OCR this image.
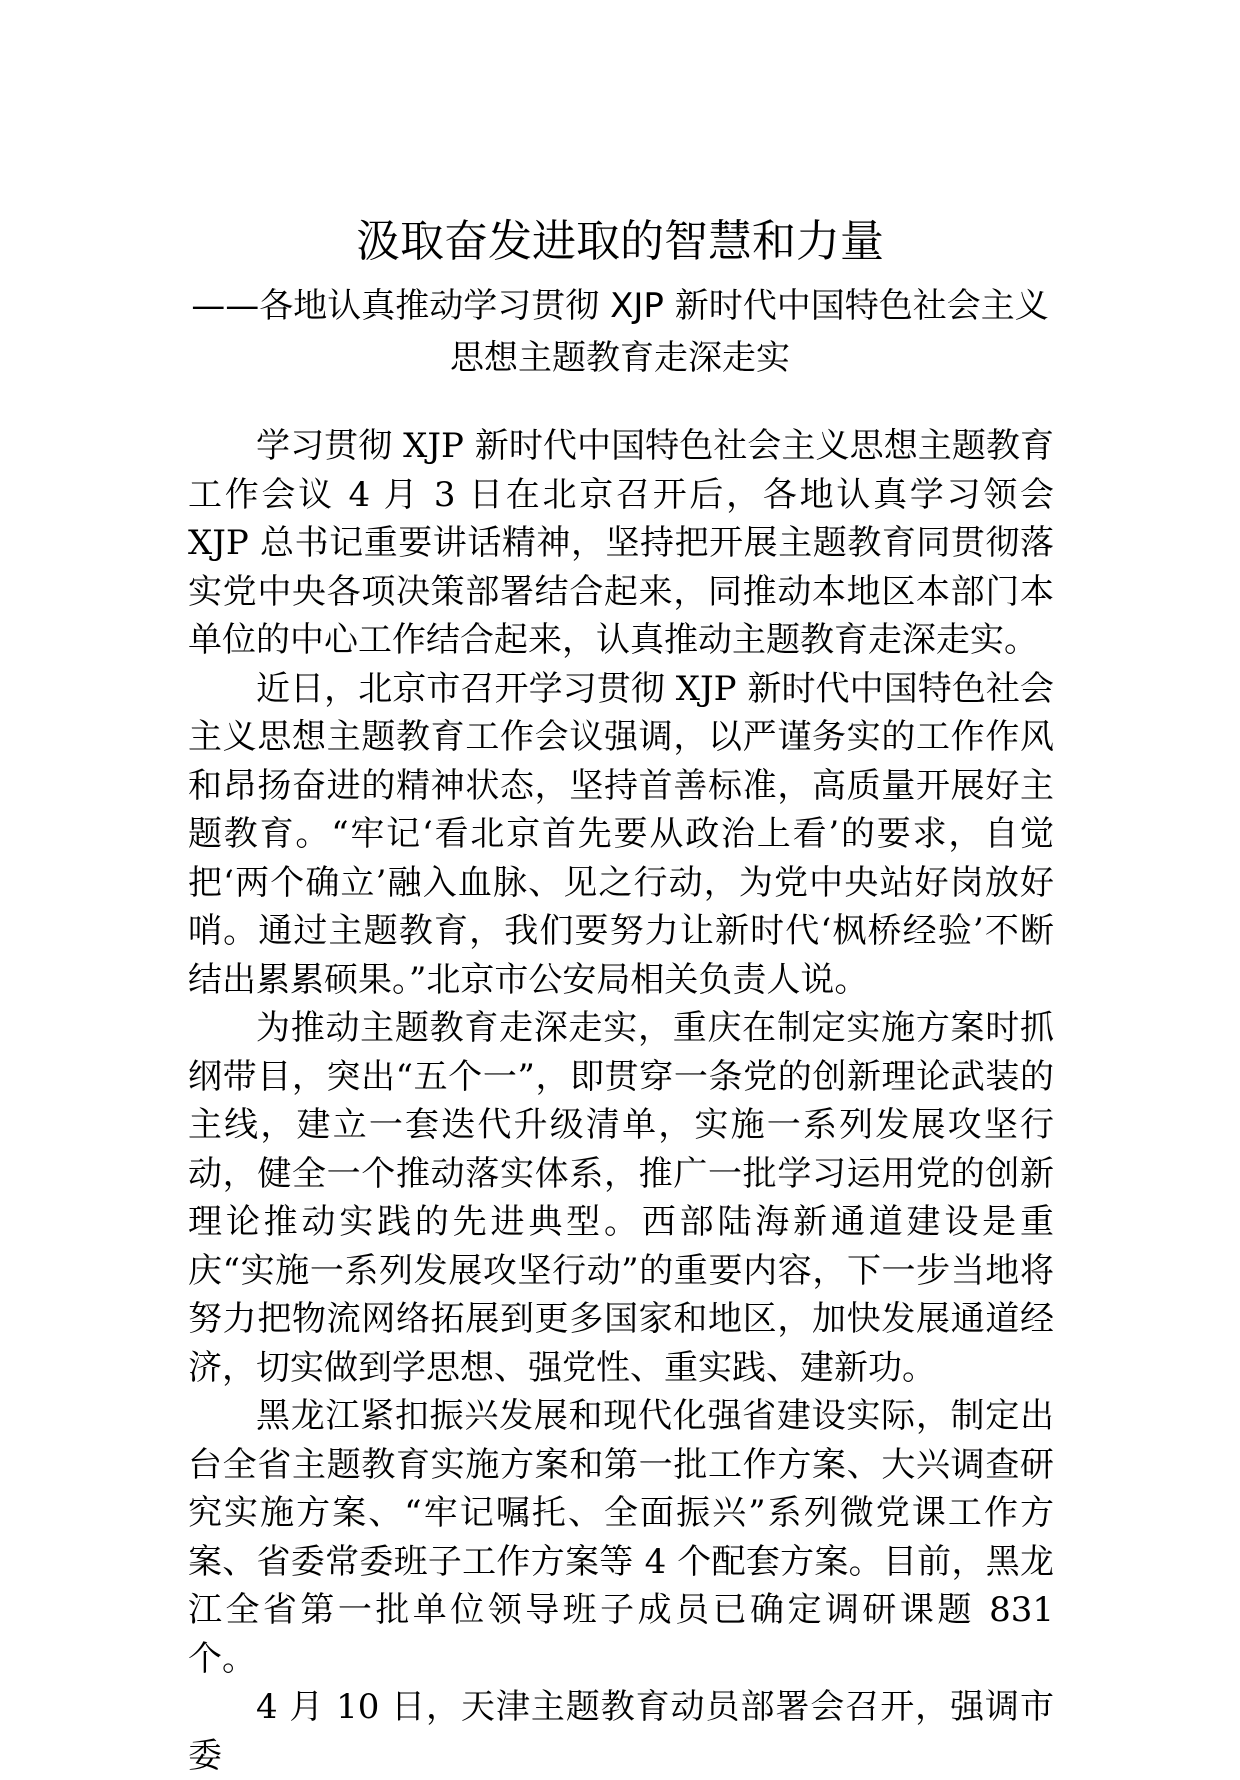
汲取奋发进取的智慧和力量
——各地认真推动学习贯彻 XJP 新时代中国特色社会主义
思想主题教育走深走实

学习贯彻 XJP 新时代中国特色社会主义思想主题教育工作会议 4 月 3 日在北京召开后，各地认真学习领会 XJP 总书记重要讲话精神，坚持把开展主题教育同贯彻落实党中央各项决策部署结合起来，同推动本地区本部门本单位的中心工作结合起来，认真推动主题教育走深走实。

近日，北京市召开学习贯彻 XJP 新时代中国特色社会主义思想主题教育工作会议强调，以严谨务实的工作作风和昂扬奋进的精神状态，坚持首善标准，高质量开展好主题教育。“牢记‘看北京首先要从政治上看’的要求，自觉把‘两个确立’融入血脉、见之行动，为党中央站好岗放好哨。通过主题教育，我们要努力让新时代‘枫桥经验’不断结出累累硕果。”北京市公安局相关负责人说。

为推动主题教育走深走实，重庆在制定实施方案时抓纲带目，突出“五个一”，即贯穿一条党的创新理论武装的主线，建立一套迭代升级清单，实施一系列发展攻坚行动，健全一个推动落实体系，推广一批学习运用党的创新理论推动实践的先进典型。西部陆海新通道建设是重庆“实施一系列发展攻坚行动”的重要内容，下一步当地将努力把物流网络拓展到更多国家和地区，加快发展通道经济，切实做到学思想、强党性、重实践、建新功。

黑龙江紧扣振兴发展和现代化强省建设实际，制定出台全省主题教育实施方案和第一批工作方案、大兴调查研究实施方案、“牢记嘱托、全面振兴”系列微党课工作方案、省委常委班子工作方案等 4 个配套方案。目前，黑龙江全省第一批单位领导班子成员已确定调研课题 831 个。

4 月 10 日，天津主题教育动员部署会召开，强调市委
